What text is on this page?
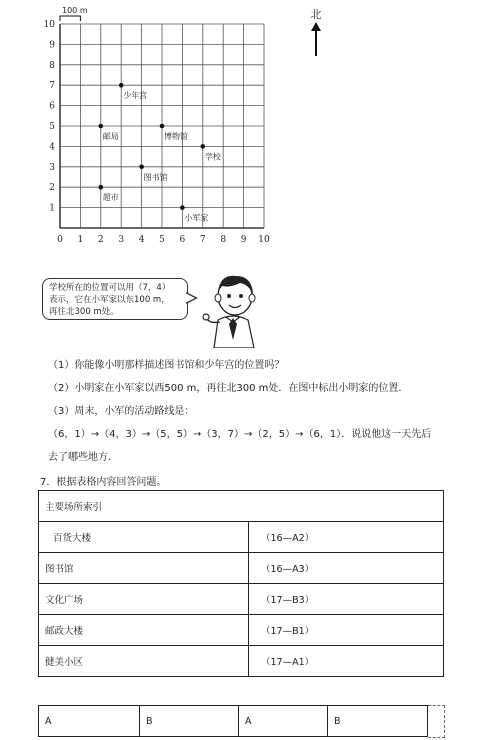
0 1 2 3 4 5 6 7 8 9 10
1
2
3
4
5
6
7
8
9
10
100 m
少年宫
邮局	博物馆
学校
图书馆
超市
小军家
北
学校所在的位置可以用（7，4）
表示，它在小军家以东100 m，
再往北300 m处。
（1）你能像小明那样描述图书馆和少年宫的位置吗？
（2）小明家在小军家以西500 m，再往北300 m处．在图中标出小明家的位置．
（3）周末，小军的活动路线是：
（6，1）→（4，3）→（5，5）→（3，7）→（2，5）→（6，1）．说说他这一天先后
去了哪些地方．
7．根据表格内容回答问题。
主要场所索引	
百货大楼	（16—A2）
图书馆	（16—A3）
文化广场	（17—B3）
邮政大楼	（17—B1）
健美小区	（17—A1）
A	B	A	B
